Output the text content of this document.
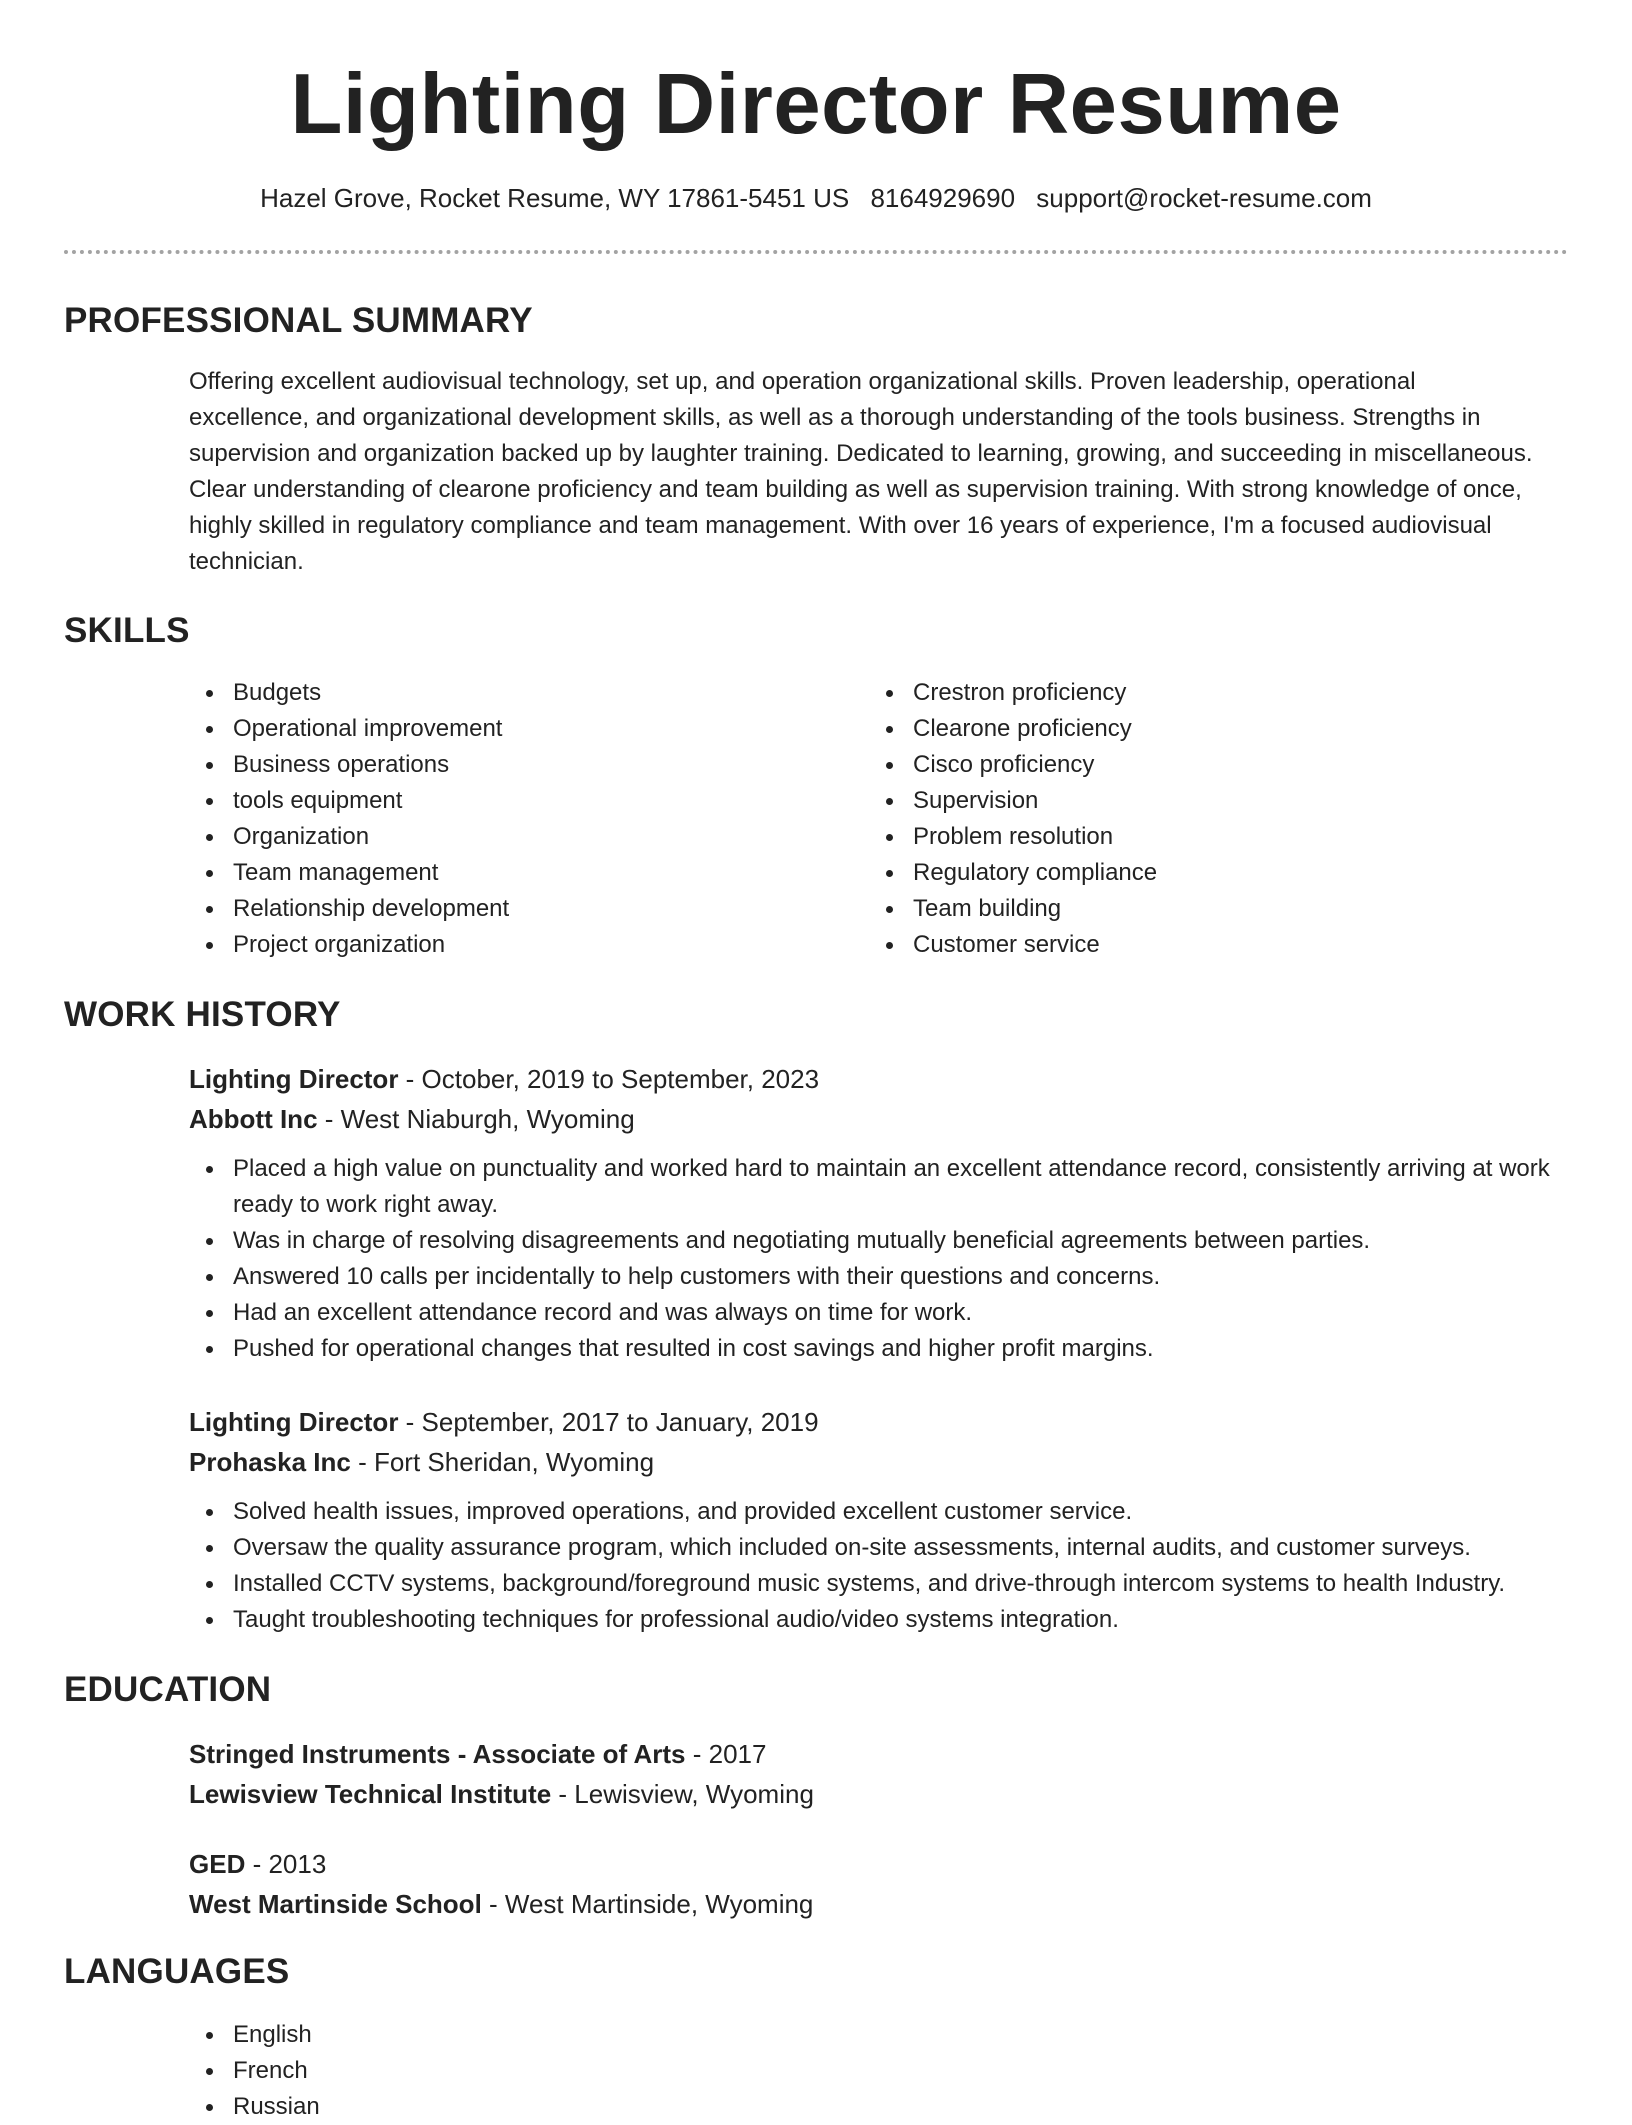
Lighting Director Resume
Hazel Grove, Rocket Resume, WY 17861-5451 US 8164929690 support@rocket-resume.com
PROFESSIONAL SUMMARY

Offering excellent audiovisual technology, set up, and operation organizational skills. Proven leadership, operational excellence, and organizational development skills, as well as a thorough understanding of the tools business. Strengths in supervision and organization backed up by laughter training. Dedicated to learning, growing, and succeeding in miscellaneous. Clear understanding of clearone proficiency and team building as well as supervision training. With strong knowledge of once, highly skilled in regulatory compliance and team management. With over 16 years of experience, I'm a focused audiovisual technician.

SKILLS
Budgets
Operational improvement
Business operations
tools equipment
Organization
Team management
Relationship development
Project organization
Crestron proficiency
Clearone proficiency
Cisco proficiency
Supervision
Problem resolution
Regulatory compliance
Team building
Customer service
WORK HISTORY
Lighting Director - October, 2019 to September, 2023
Abbott Inc - West Niaburgh, Wyoming
Placed a high value on punctuality and worked hard to maintain an excellent attendance record, consistently arriving at work ready to work right away.
Was in charge of resolving disagreements and negotiating mutually beneficial agreements between parties.
Answered 10 calls per incidentally to help customers with their questions and concerns.
Had an excellent attendance record and was always on time for work.
Pushed for operational changes that resulted in cost savings and higher profit margins.
Lighting Director - September, 2017 to January, 2019
Prohaska Inc - Fort Sheridan, Wyoming
Solved health issues, improved operations, and provided excellent customer service.
Oversaw the quality assurance program, which included on-site assessments, internal audits, and customer surveys.
Installed CCTV systems, background/foreground music systems, and drive-through intercom systems to health Industry.
Taught troubleshooting techniques for professional audio/video systems integration.
EDUCATION
Stringed Instruments - Associate of Arts - 2017
Lewisview Technical Institute - Lewisview, Wyoming
GED - 2013
West Martinside School - West Martinside, Wyoming
LANGUAGES
English
French
Russian
